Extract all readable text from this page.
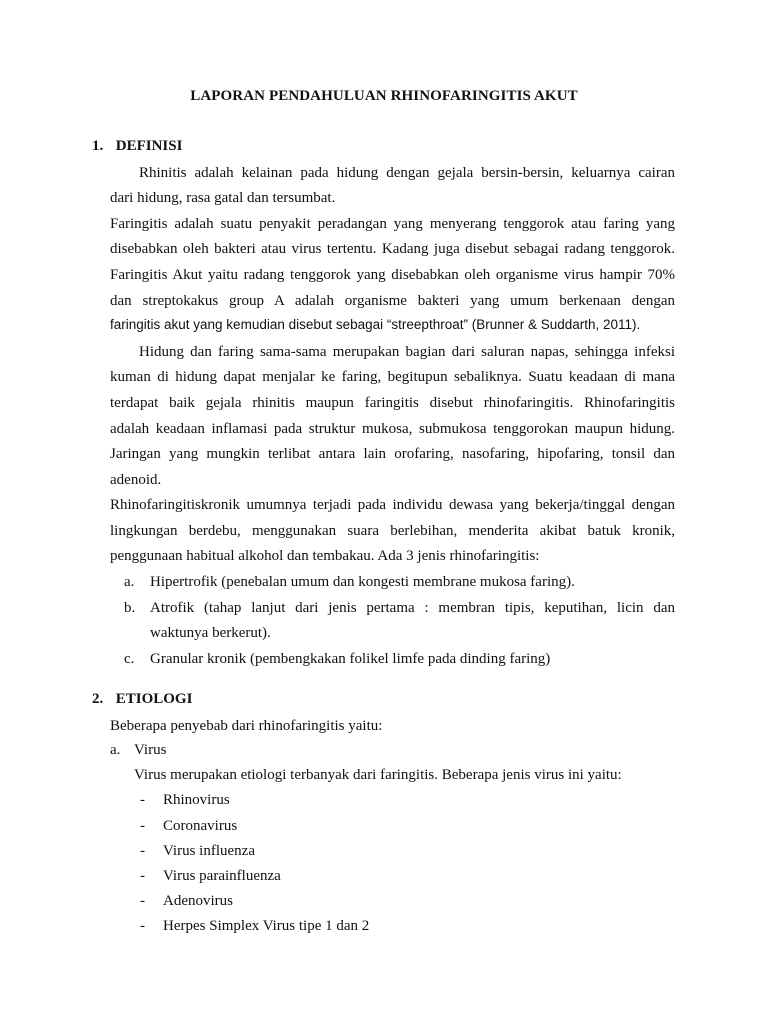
LAPORAN PENDAHULUAN RHINOFARINGITIS AKUT
1. DEFINISI
Rhinitis adalah kelainan pada hidung dengan gejala bersin-bersin, keluarnya cairan
dari hidung, rasa gatal dan tersumbat.
Faringitis adalah suatu penyakit peradangan yang menyerang tenggorok atau faring yang
disebabkan oleh bakteri atau virus tertentu. Kadang juga disebut sebagai radang tenggorok.
Faringitis Akut yaitu radang tenggorok yang disebabkan oleh organisme virus hampir 70%
dan streptokakus group A adalah organisme bakteri yang umum berkenaan dengan
faringitis akut yang kemudian disebut sebagai “streepthroat” (Brunner & Suddarth, 2011).
Hidung dan faring sama-sama merupakan bagian dari saluran napas, sehingga infeksi
kuman di hidung dapat menjalar ke faring, begitupun sebaliknya. Suatu keadaan di mana
terdapat baik gejala rhinitis maupun faringitis disebut rhinofaringitis. Rhinofaringitis
adalah keadaan inflamasi pada struktur mukosa, submukosa tenggorokan maupun hidung.
Jaringan yang mungkin terlibat antara lain orofaring, nasofaring, hipofaring, tonsil dan
adenoid.
Rhinofaringitiskronik umumnya terjadi pada individu dewasa yang bekerja/tinggal dengan
lingkungan berdebu, menggunakan suara berlebihan, menderita akibat batuk kronik,
penggunaan habitual alkohol dan tembakau. Ada 3 jenis rhinofaringitis:
a.	Hipertrofik (penebalan umum dan kongesti membrane mukosa faring).
b. Atrofik (tahap lanjut dari jenis pertama : membran tipis, keputihan, licin dan
waktunya berkerut).
c.	Granular kronik (pembengkakan folikel limfe pada dinding faring)
2. ETIOLOGI
Beberapa penyebab dari rhinofaringitis yaitu:
a. Virus
Virus merupakan etiologi terbanyak dari faringitis. Beberapa jenis virus ini yaitu:
-	Rhinovirus
-	Coronavirus
-	Virus influenza
-	Virus parainfluenza
-	Adenovirus
-	Herpes Simplex Virus tipe 1 dan 2
